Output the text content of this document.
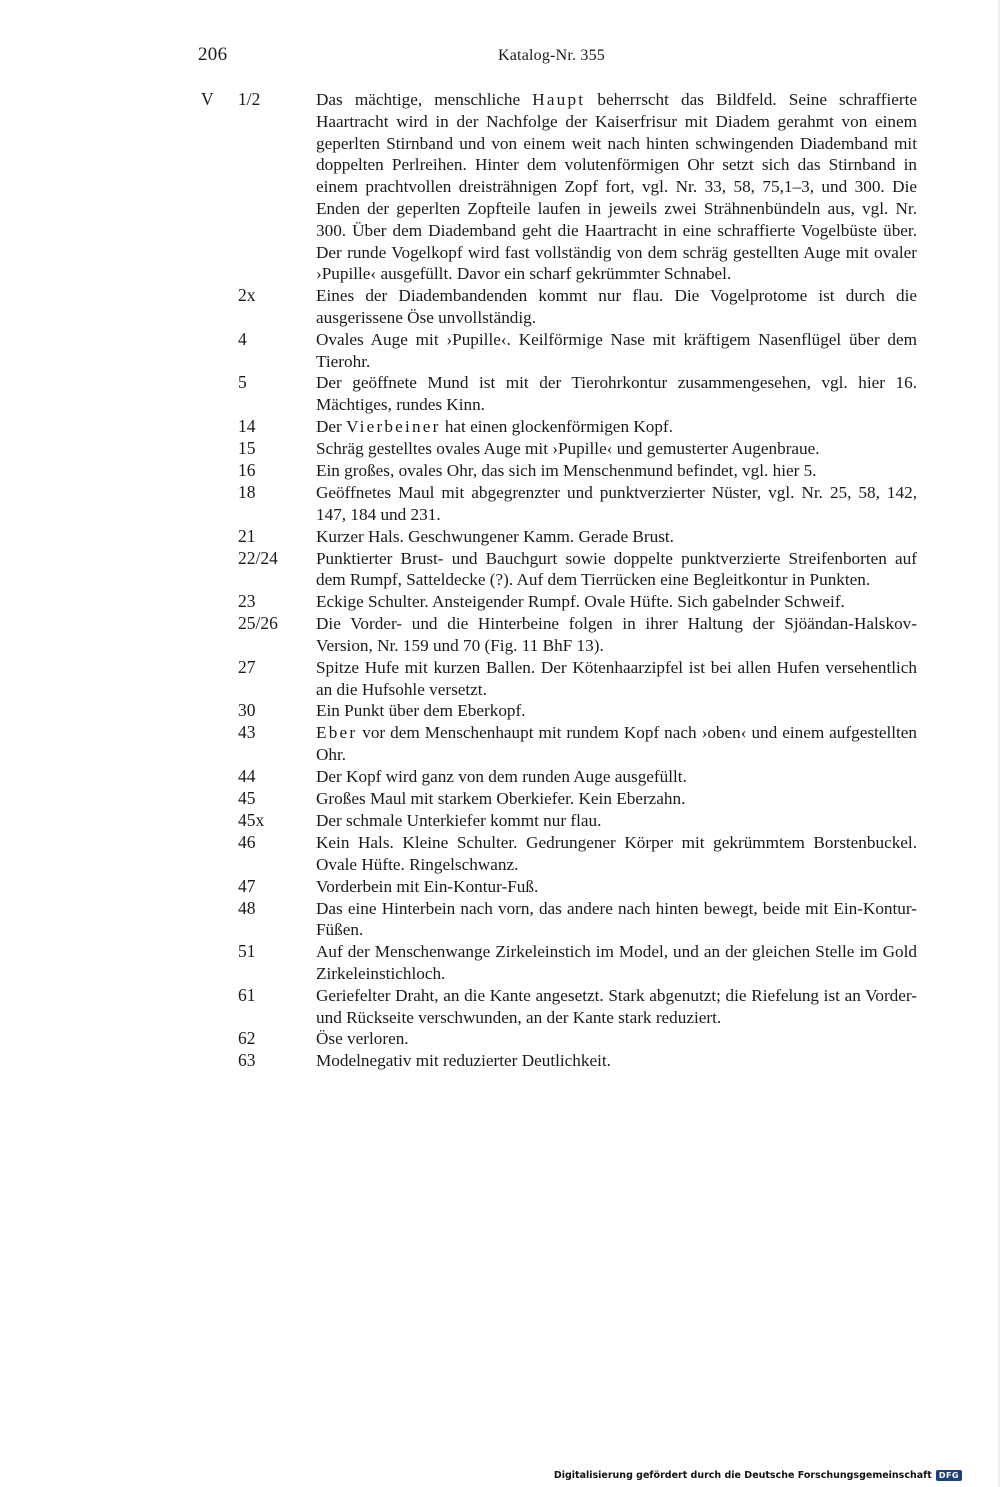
206	Katalog-Nr. 355
V 1/2	Das mächtige, menschliche Haupt beherrscht das Bildfeld. Seine schraffierte Haartracht wird in der Nachfolge der Kaiserfrisur mit Diadem gerahmt von einem geperlten Stirnband und von einem weit nach hinten schwingenden Diademband mit doppelten Perlreihen. Hinter dem volutenförmigen Ohr setzt sich das Stirnband in einem prachtvollen dreisträhnigen Zopf fort, vgl. Nr. 33, 58, 75,1–3, und 300. Die Enden der geperlten Zopfteile laufen in jeweils zwei Strähnenbündeln aus, vgl. Nr. 300. Über dem Diademband geht die Haartracht in eine schraffierte Vogelbüste über. Der runde Vogelkopf wird fast vollständig von dem schräg gestellten Auge mit ovaler ›Pupille‹ ausgefüllt. Davor ein scharf gekrümmter Schnabel.
2x	Eines der Diadembandenden kommt nur flau. Die Vogelprotome ist durch die ausgerissene Öse unvollständig.
4	Ovales Auge mit ›Pupille‹. Keilförmige Nase mit kräftigem Nasenflügel über dem Tierohr.
5	Der geöffnete Mund ist mit der Tierohrkontur zusammengesehen, vgl. hier 16. Mächtiges, rundes Kinn.
14	Der Vierbeiner hat einen glockenförmigen Kopf.
15	Schräg gestelltes ovales Auge mit ›Pupille‹ und gemusterter Augenbraue.
16	Ein großes, ovales Ohr, das sich im Menschenmund befindet, vgl. hier 5.
18	Geöffnetes Maul mit abgegrenzter und punktverzierter Nüster, vgl. Nr. 25, 58, 142, 147, 184 und 231.
21	Kurzer Hals. Geschwungener Kamm. Gerade Brust.
22/24 Punktierter Brust- und Bauchgurt sowie doppelte punktverzierte Streifenborten auf dem Rumpf, Satteldecke (?). Auf dem Tierrücken eine Begleitkontur in Punkten.
23	Eckige Schulter. Ansteigender Rumpf. Ovale Hüfte. Sich gabelnder Schweif.
25/26 Die Vorder- und die Hinterbeine folgen in ihrer Haltung der Sjöändan-Halskov-Version, Nr. 159 und 70 (Fig. 11 BhF 13).
27	Spitze Hufe mit kurzen Ballen. Der Kötenhaarzipfel ist bei allen Hufen versehentlich an die Hufsohle versetzt.
30	Ein Punkt über dem Eberkopf.
43	Eber vor dem Menschenhaupt mit rundem Kopf nach ›oben‹ und einem aufgestellten Ohr.
44	Der Kopf wird ganz von dem runden Auge ausgefüllt.
45	Großes Maul mit starkem Oberkiefer. Kein Eberzahn.
45x	Der schmale Unterkiefer kommt nur flau.
46	Kein Hals. Kleine Schulter. Gedrungener Körper mit gekrümmtem Borstenbuckel. Ovale Hüfte. Ringelschwanz.
47	Vorderbein mit Ein-Kontur-Fuß.
48	Das eine Hinterbein nach vorn, das andere nach hinten bewegt, beide mit Ein-Kontur-Füßen.
51	Auf der Menschenwange Zirkeleinstich im Model, und an der gleichen Stelle im Gold Zirkeleinstichloch.
61	Geriefelter Draht, an die Kante angesetzt. Stark abgenutzt; die Riefelung ist an Vorder- und Rückseite verschwunden, an der Kante stark reduziert.
62	Öse verloren.
63	Modelnegativ mit reduzierter Deutlichkeit.
Digitalisierung gefördert durch die Deutsche Forschungsgemeinschaft DFG
